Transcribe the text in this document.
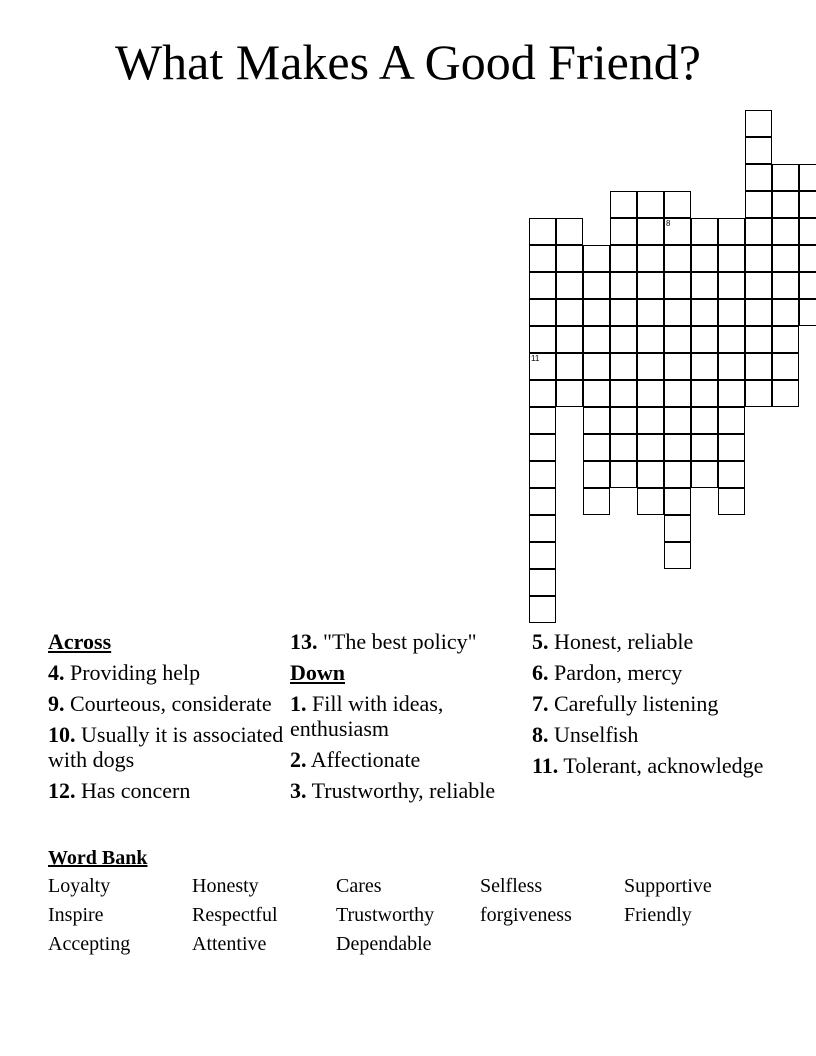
What Makes A Good Friend?
11
8
Across
4. Providing help
9. Courteous, considerate
10. Usually it is associated with dogs
12. Has concern
13. "The best policy"
Down
1. Fill with ideas, enthusiasm
2. Affectionate
3. Trustworthy, reliable
5. Honest, reliable
6. Pardon, mercy
7. Carefully listening
8. Unselfish
11. Tolerant, acknowledge
Word Bank
Loyalty	Honesty	Cares	Selfless	Supportive
Inspire	Respectful	Trustworthy	forgiveness	Friendly
Accepting	Attentive	Dependable
